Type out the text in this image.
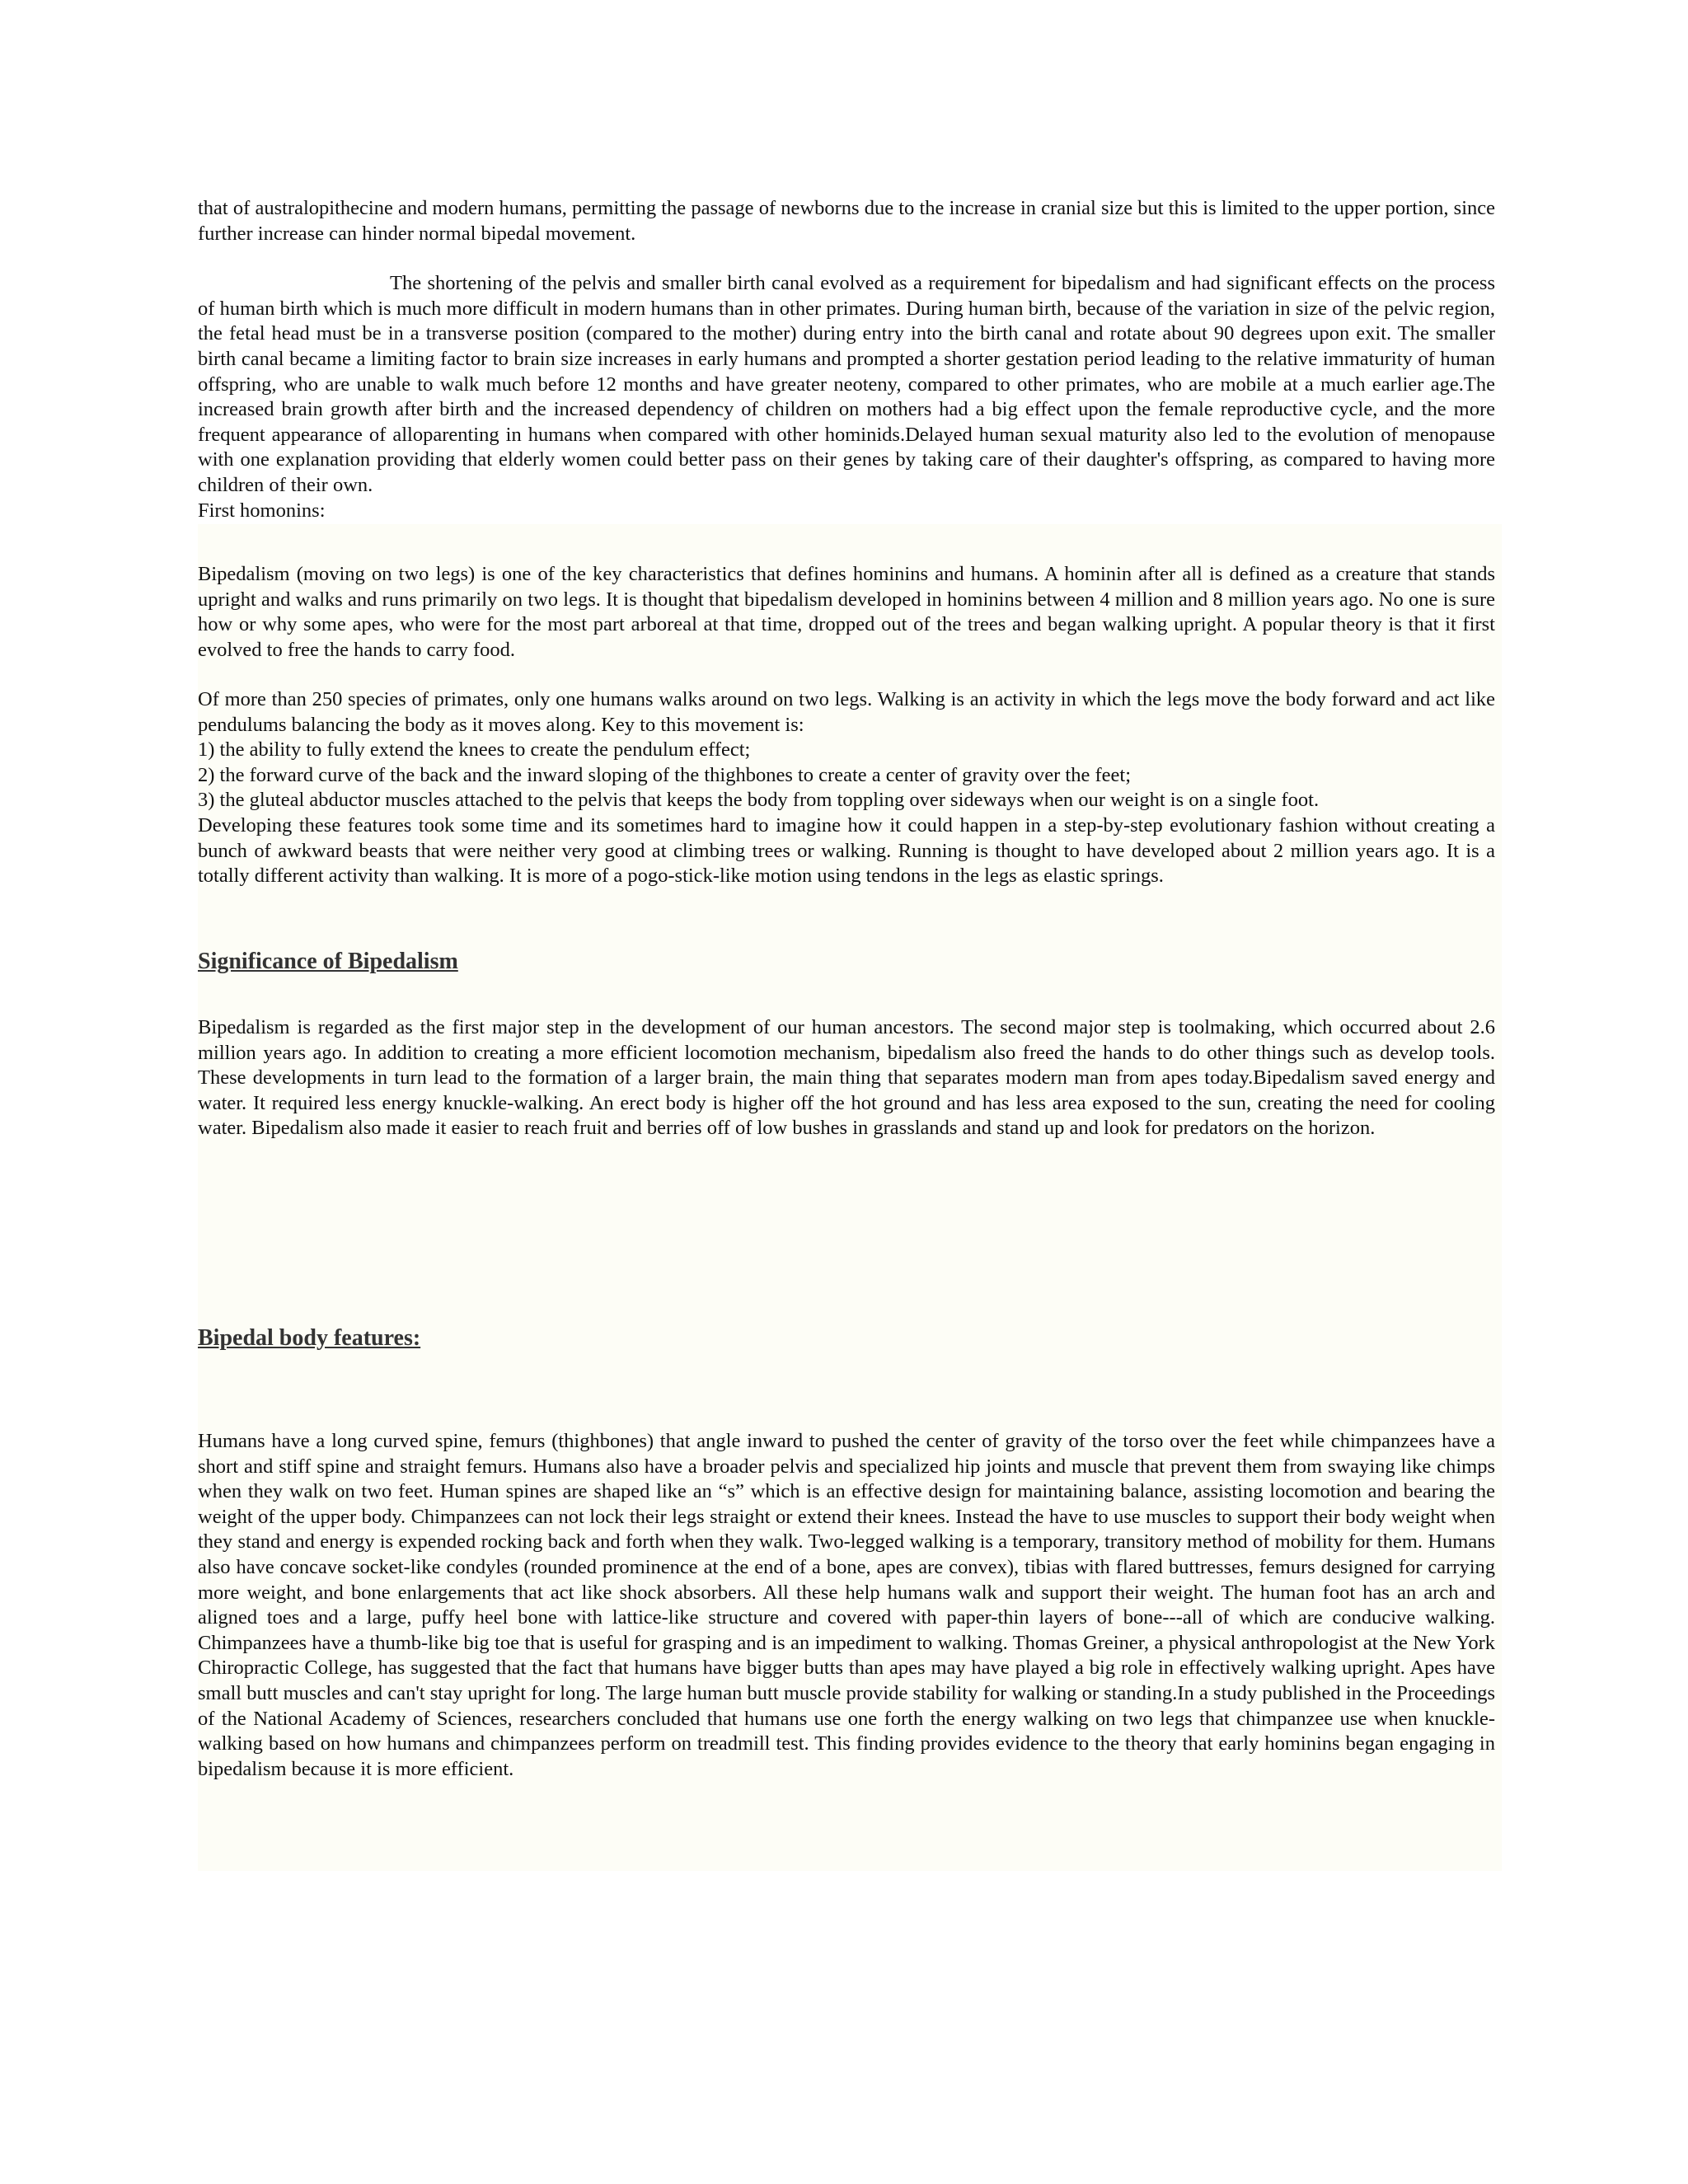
that of australopithecine and modern humans, permitting the passage of newborns due to the increase in cranial size but this is limited to the upper portion, since further increase can hinder normal bipedal movement.

The shortening of the pelvis and smaller birth canal evolved as a requirement for bipedalism and had significant effects on the process of human birth which is much more difficult in modern humans than in other primates. During human birth, because of the variation in size of the pelvic region, the fetal head must be in a transverse position (compared to the mother) during entry into the birth canal and rotate about 90 degrees upon exit. The smaller birth canal became a limiting factor to brain size increases in early humans and prompted a shorter gestation period leading to the relative immaturity of human offspring, who are unable to walk much before 12 months and have greater neoteny, compared to other primates, who are mobile at a much earlier age.The increased brain growth after birth and the increased dependency of children on mothers had a big effect upon the female reproductive cycle, and the more frequent appearance of alloparenting in humans when compared with other hominids.Delayed human sexual maturity also led to the evolution of menopause with one explanation providing that elderly women could better pass on their genes by taking care of their daughter's offspring, as compared to having more children of their own.

First homonins:

Bipedalism (moving on two legs) is one of the key characteristics that defines hominins and humans. A hominin after all is defined as a creature that stands upright and walks and runs primarily on two legs. It is thought that bipedalism developed in hominins between 4 million and 8 million years ago. No one is sure how or why some apes, who were for the most part arboreal at that time, dropped out of the trees and began walking upright. A popular theory is that it first evolved to free the hands to carry food.

Of more than 250 species of primates, only one humans walks around on two legs. Walking is an activity in which the legs move the body forward and act like pendulums balancing the body as it moves along. Key to this movement is:

1) the ability to fully extend the knees to create the pendulum effect;

2) the forward curve of the back and the inward sloping of the thighbones to create a center of gravity over the feet;

3) the gluteal abductor muscles attached to the pelvis that keeps the body from toppling over sideways when our weight is on a single foot.

Developing these features took some time and its sometimes hard to imagine how it could happen in a step-by-step evolutionary fashion without creating a bunch of awkward beasts that were neither very good at climbing trees or walking. Running is thought to have developed about 2 million years ago. It is a totally different activity than walking. It is more of a pogo-stick-like motion using tendons in the legs as elastic springs.

Significance of Bipedalism

Bipedalism is regarded as the first major step in the development of our human ancestors. The second major step is toolmaking, which occurred about 2.6 million years ago. In addition to creating a more efficient locomotion mechanism, bipedalism also freed the hands to do other things such as develop tools. These developments in turn lead to the formation of a larger brain, the main thing that separates modern man from apes today.Bipedalism saved energy and water. It required less energy knuckle-walking. An erect body is higher off the hot ground and has less area exposed to the sun, creating the need for cooling water. Bipedalism also made it easier to reach fruit and berries off of low bushes in grasslands and stand up and look for predators on the horizon.

Bipedal body features:

Humans have a long curved spine, femurs (thighbones) that angle inward to pushed the center of gravity of the torso over the feet while chimpanzees have a short and stiff spine and straight femurs. Humans also have a broader pelvis and specialized hip joints and muscle that prevent them from swaying like chimps when they walk on two feet. Human spines are shaped like an “s” which is an effective design for maintaining balance, assisting locomotion and bearing the weight of the upper body. Chimpanzees can not lock their legs straight or extend their knees. Instead the have to use muscles to support their body weight when they stand and energy is expended rocking back and forth when they walk. Two-legged walking is a temporary, transitory method of mobility for them. Humans also have concave socket-like condyles (rounded prominence at the end of a bone, apes are convex), tibias with flared buttresses, femurs designed for carrying more weight, and bone enlargements that act like shock absorbers. All these help humans walk and support their weight. The human foot has an arch and aligned toes and a large, puffy heel bone with lattice-like structure and covered with paper-thin layers of bone---all of which are conducive walking. Chimpanzees have a thumb-like big toe that is useful for grasping and is an impediment to walking. Thomas Greiner, a physical anthropologist at the New York Chiropractic College, has suggested that the fact that humans have bigger butts than apes may have played a big role in effectively walking upright. Apes have small butt muscles and can't stay upright for long. The large human butt muscle provide stability for walking or standing.In a study published in the Proceedings of the National Academy of Sciences, researchers concluded that humans use one forth the energy walking on two legs that chimpanzee use when knuckle-walking based on how humans and chimpanzees perform on treadmill test. This finding provides evidence to the theory that early hominins began engaging in bipedalism because it is more efficient.
